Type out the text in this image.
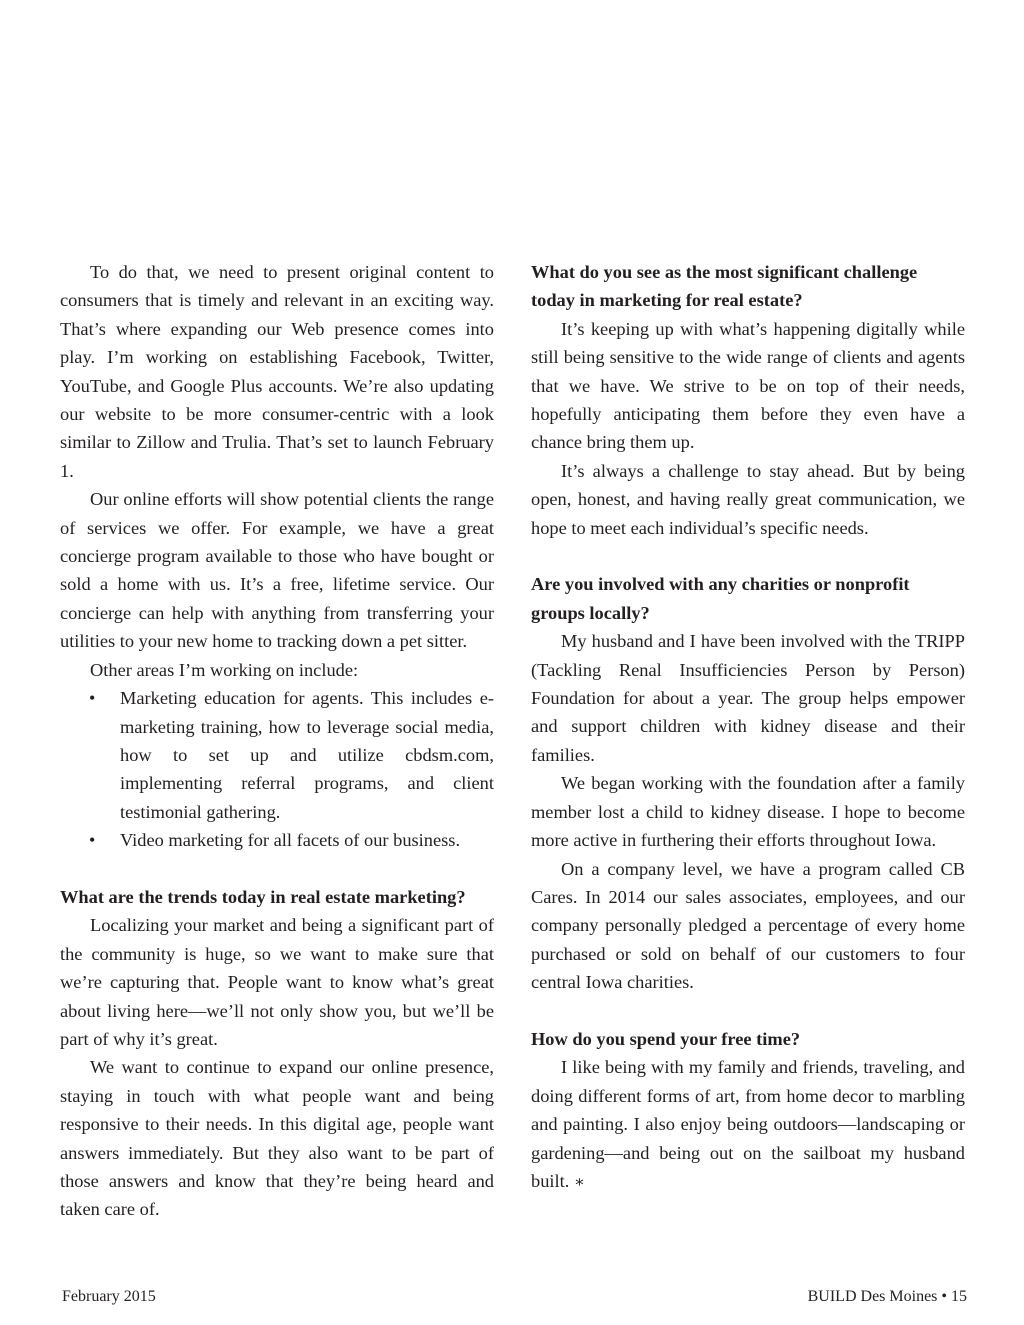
To do that, we need to present original content to consumers that is timely and relevant in an exciting way. That’s where expanding our Web presence comes into play. I’m working on establishing Facebook, Twitter, YouTube, and Google Plus accounts. We’re also updating our website to be more consumer-centric with a look similar to Zillow and Trulia. That’s set to launch February 1.

Our online efforts will show potential clients the range of services we offer. For example, we have a great concierge program available to those who have bought or sold a home with us. It’s a free, lifetime service. Our concierge can help with anything from transferring your utilities to your new home to tracking down a pet sitter.

Other areas I’m working on include:

• Marketing education for agents. This includes e-marketing training, how to leverage social media, how to set up and utilize cbdsm.com, implementing referral programs, and client testimonial gathering.
• Video marketing for all facets of our business.
What are the trends today in real estate marketing?

Localizing your market and being a significant part of the community is huge, so we want to make sure that we’re capturing that. People want to know what’s great about living here—we’ll not only show you, but we’ll be part of why it’s great.

We want to continue to expand our online presence, staying in touch with what people want and being responsive to their needs. In this digital age, people want answers immediately. But they also want to be part of those answers and know that they’re being heard and taken care of.

What do you see as the most significant challenge today in marketing for real estate?

It’s keeping up with what’s happening digitally while still being sensitive to the wide range of clients and agents that we have. We strive to be on top of their needs, hopefully anticipating them before they even have a chance bring them up.

It’s always a challenge to stay ahead. But by being open, honest, and having really great communication, we hope to meet each individual’s specific needs.

Are you involved with any charities or nonprofit groups locally?

My husband and I have been involved with the TRIPP (Tackling Renal Insufficiencies Person by Person) Foundation for about a year. The group helps empower and support children with kidney disease and their families.

We began working with the foundation after a family member lost a child to kidney disease. I hope to become more active in furthering their efforts throughout Iowa.

On a company level, we have a program called CB Cares. In 2014 our sales associates, employees, and our company personally pledged a percentage of every home purchased or sold on behalf of our customers to four central Iowa charities.

How do you spend your free time?

I like being with my family and friends, traveling, and doing different forms of art, from home decor to marbling and painting. I also enjoy being outdoors—landscaping or gardening—and being out on the sailboat my husband built. ∗

February 2015	BUILD Des Moines • 15
